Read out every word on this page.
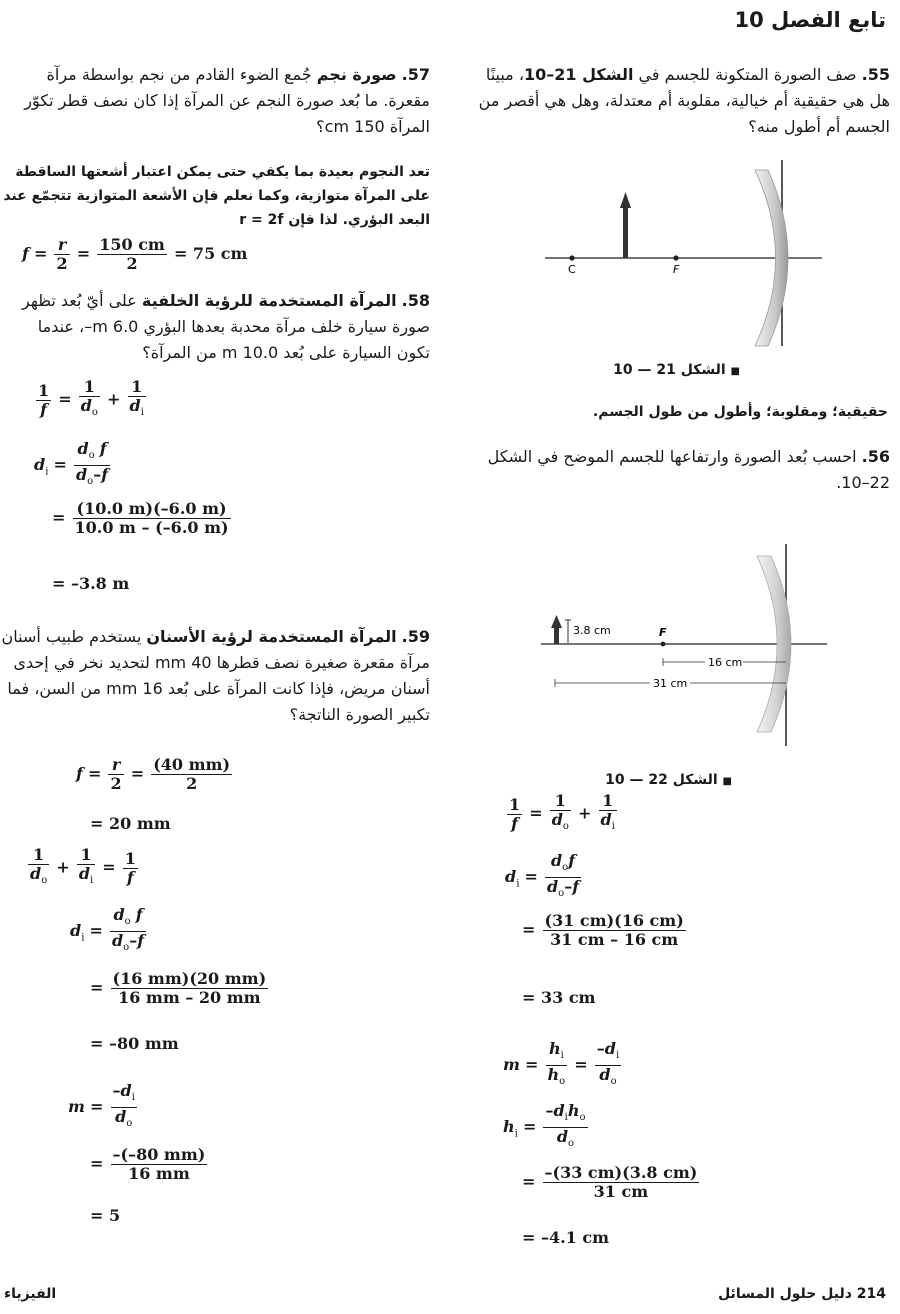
تابع الفصل 10
55. صف الصورة المتكونة للجسم في الشكل 21–10، مبينًا هل هي حقيقية أم خيالية، مقلوبة أم معتدلة، وهل هي أقصر من الجسم أم أطول منه؟
C	F
■ الشكل 21 — 10
حقيقية؛ ومقلوبة؛ وأطول من طول الجسم.
56. احسب بُعد الصورة وارتفاعها للجسم الموضح في الشكل 22–10.
3.8 cm	F
16 cm
31 cm
■ الشكل 22 — 10
$\frac{1}{f} = \frac{1}{d_o} + \frac{1}{d_i}$
$d_i = \frac{d_of}{d_o-f}$
= $\frac{(31 cm)(16 cm)}{31 cm - 16 cm}$
= 33 cm
$m = \frac{h_i}{h_o} = \frac{-d_i}{d_o}$
$h_i = \frac{-d_ih_o}{d_o}$
= $\frac{-(33 cm)(3.8 cm)}{31 cm}$
= –4.1 cm
57. صورة نجم جُمع الضوء القادم من نجم بواسطة مرآة مقعرة. ما بُعد صورة النجم عن المرآة إذا كان نصف قطر تكوّر المرآة 150 cm؟
تعد النجوم بعيدة بما يكفي حتى يمكن اعتبار أشعتها الساقطة على المرآة متوازية، وكما نعلم فإن الأشعة المتوازية تتجمّع عند البعد البؤري. لذا فإن r = 2f
$f = \frac{r}{2} = \frac{150 cm}{2} = 75$ cm
58. المرآة المستخدمة للرؤية الخلفية على أيّ بُعد تظهر صورة سيارة خلف مرآة محدبة بعدها البؤري 6.0 m–، عندما تكون السيارة على بُعد 10.0 m من المرآة؟
$\frac{1}{f} = \frac{1}{d_o} + \frac{1}{d_i}$
$d_i = \frac{d_o f}{d_o-f}$
= $\frac{(10.0 m)(-6.0 m)}{10.0 m - (-6.0 m)}$
= –3.8 m
59. المرآة المستخدمة لرؤية الأسنان يستخدم طبيب أسنان مرآة مقعرة صغيرة نصف قطرها 40 mm لتحديد نخر في إحدى أسنان مريض، فإذا كانت المرآة على بُعد 16 mm من السن، فما تكبير الصورة الناتجة؟
$f = \frac{r}{2} = \frac{(40 mm)}{2}$
= 20 mm
$\frac{1}{d_o} + \frac{1}{d_i} = \frac{1}{f}$
$d_i = \frac{d_o f}{d_o-f}$
= $\frac{(16 mm)(20 mm)}{16 mm - 20 mm}$
= –80 mm
$m = \frac{-d_i}{d_o}$
= $\frac{-(-80 mm)}{16 mm}$
= 5
214 دليل حلول المسائل
الفيزياء
